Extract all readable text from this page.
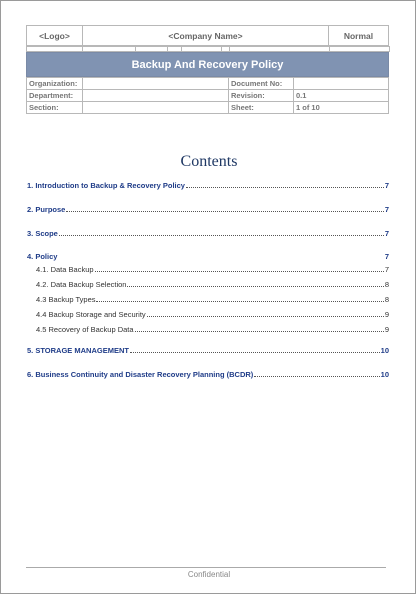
<Logo>	<Company Name>	Normal

Backup And Recovery Policy
Organization:		Document No:	
Department:		Revision:	0.1
Section:		Sheet:	1 of 10
Contents
1. Introduction to Backup & Recovery Policy	7
2. Purpose	7
3. Scope	7
4. Policy	7
4.1. Data Backup	7
4.2. Data Backup Selection	8
4.3 Backup Types	8
4.4 Backup Storage and Security	9
4.5 Recovery of Backup Data	9
5. STORAGE MANAGEMENT	10
6. Business Continuity and Disaster Recovery Planning (BCDR)	10
Confidential
